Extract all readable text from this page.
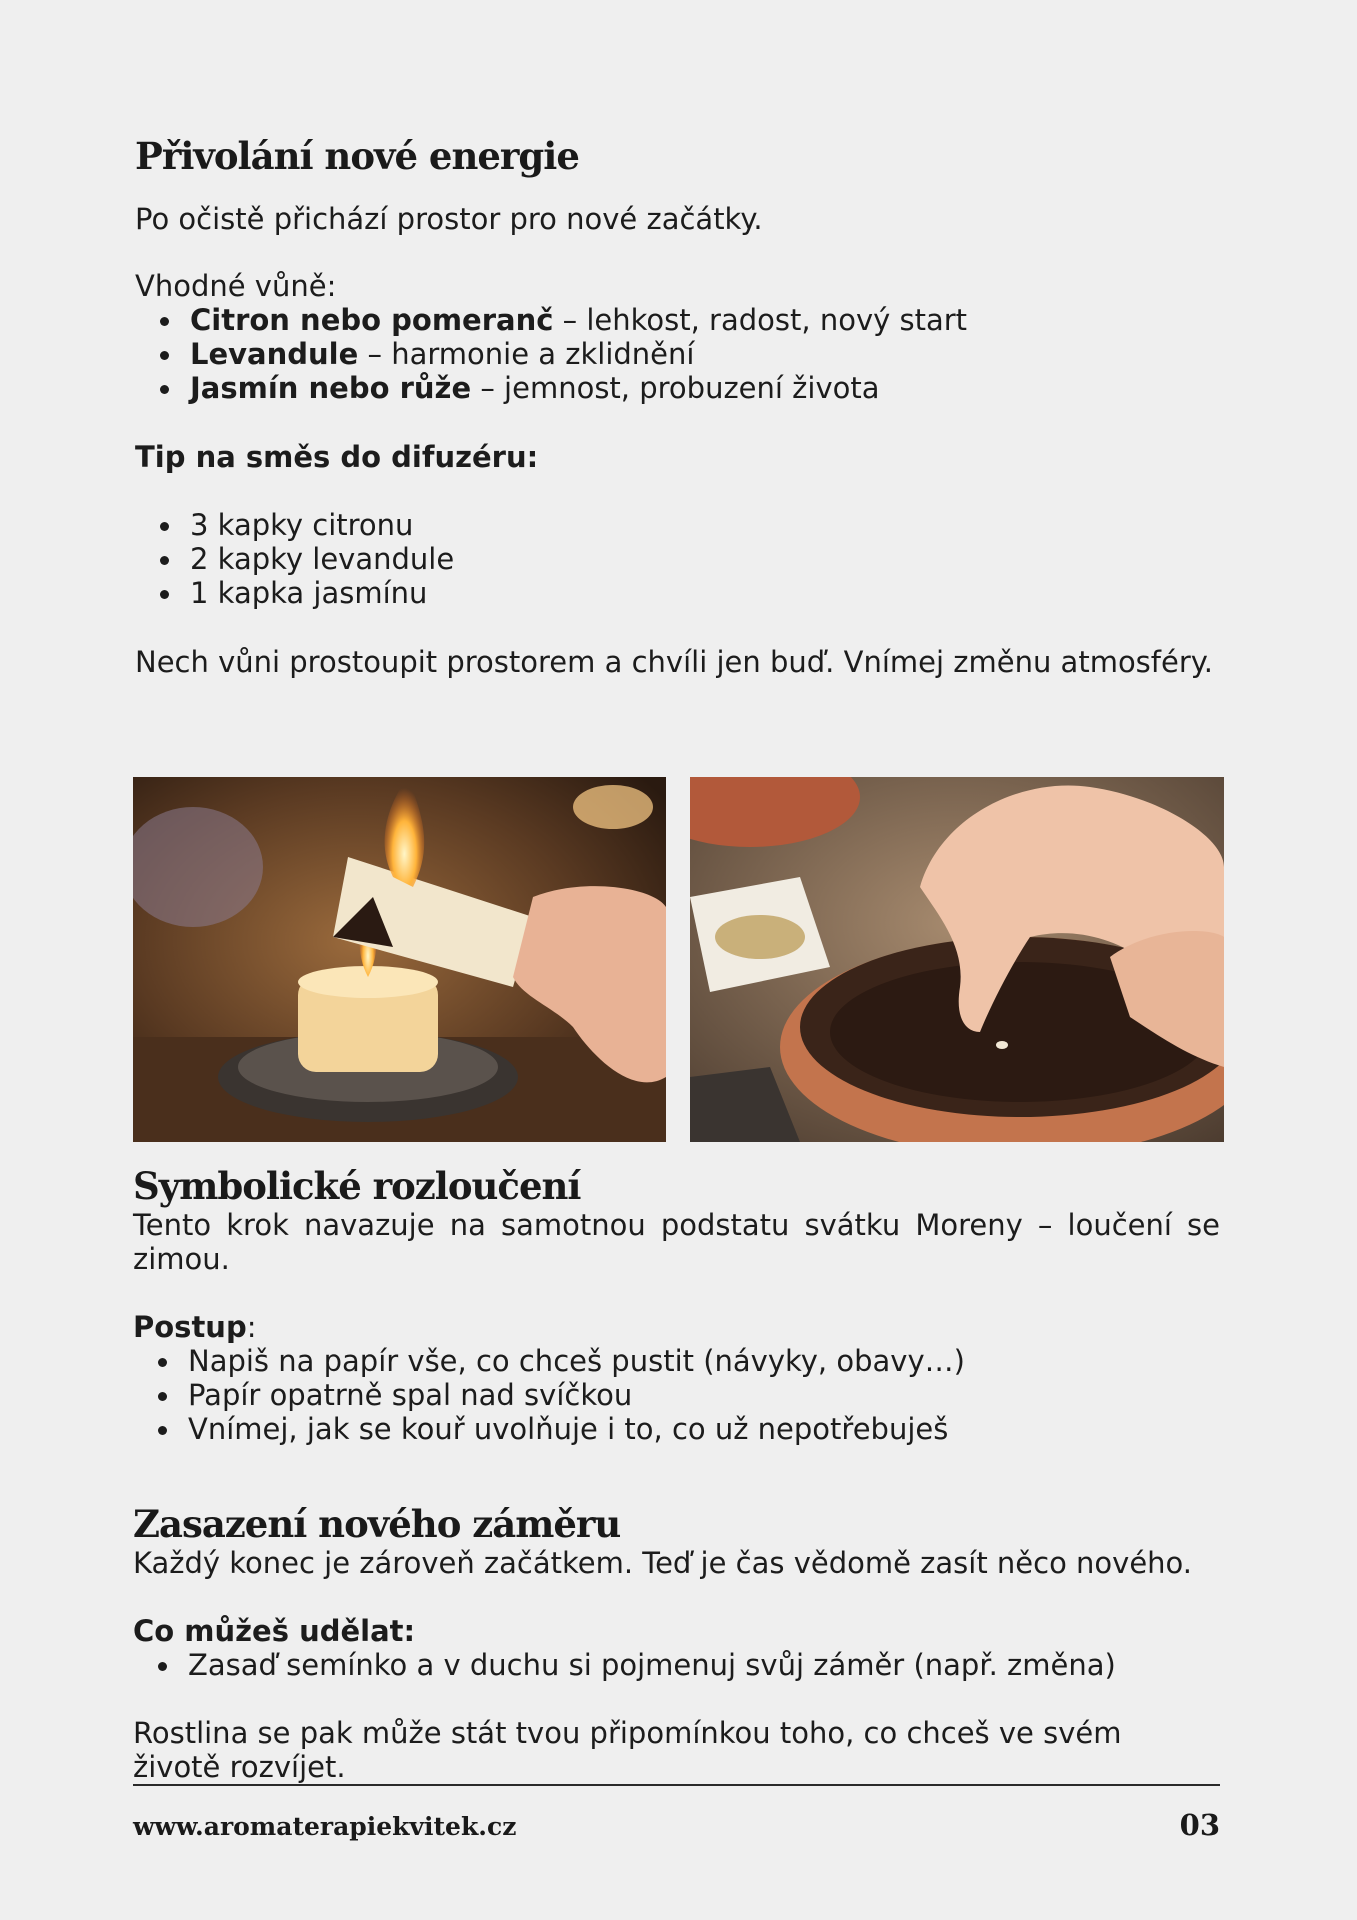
Přivolání nové energie
Po očistě přichází prostor pro nové začátky.
Vhodné vůně:
Citron nebo pomeranč – lehkost, radost, nový start
Levandule – harmonie a zklidnění
Jasmín nebo růže – jemnost, probuzení života
Tip na směs do difuzéru:
3 kapky citronu
2 kapky levandule
1 kapka jasmínu
Nech vůni prostoupit prostorem a chvíli jen buď. Vnímej změnu atmosféry.
Symbolické rozloučení
Tento krok navazuje na samotnou podstatu svátku Moreny – loučení se zimou.
Postup:
Napiš na papír vše, co chceš pustit (návyky, obavy…)
Papír opatrně spal nad svíčkou
Vnímej, jak se kouř uvolňuje i to, co už nepotřebuješ
Zasazení nového záměru
Každý konec je zároveň začátkem. Teď je čas vědomě zasít něco nového.
Co můžeš udělat:
Zasaď semínko a v duchu si pojmenuj svůj záměr (např. změna)
Rostlina se pak může stát tvou připomínkou toho, co chceš ve svém životě rozvíjet.
www.aromaterapiekvitek.cz	03
